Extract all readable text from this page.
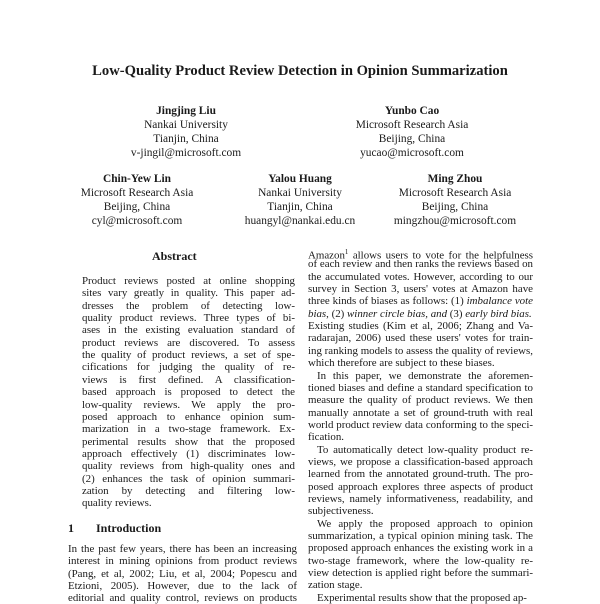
Low-Quality Product Review Detection in Opinion Summarization
Jingjing Liu
Nankai University
Tianjin, China
v-jingil@microsoft.com
Yunbo Cao
Microsoft Research Asia
Beijing, China
yucao@microsoft.com
Chin-Yew Lin
Microsoft Research Asia
Beijing, China
cyl@microsoft.com
Yalou Huang
Nankai University
Tianjin, China
huangyl@nankai.edu.cn
Ming Zhou
Microsoft Research Asia
Beijing, China
mingzhou@microsoft.com
Abstract
Product reviews posted at online shopping
sites vary greatly in quality. This paper ad-
dresses the problem of detecting low-
quality product reviews. Three types of bi-
ases in the existing evaluation standard of
product reviews are discovered. To assess
the quality of product reviews, a set of spe-
cifications for judging the quality of re-
views is first defined. A classification-
based approach is proposed to detect the
low-quality reviews. We apply the pro-
posed approach to enhance opinion sum-
marization in a two-stage framework. Ex-
perimental results show that the proposed
approach effectively (1) discriminates low-
quality reviews from high-quality ones and
(2) enhances the task of opinion summari-
zation by detecting and filtering low-
quality reviews.
1 Introduction
In the past few years, there has been an increasing
interest in mining opinions from product reviews
(Pang, et al, 2002; Liu, et al, 2004; Popescu and
Etzioni, 2005). However, due to the lack of
editorial and quality control, reviews on products
Amazon$^1$ allows users to vote for the helpfulness
of each review and then ranks the reviews based on
the accumulated votes. However, according to our
survey in Section 3, users' votes at Amazon have
three kinds of biases as follows: (1) imbalance vote
bias, (2) winner circle bias, and (3) early bird bias.
Existing studies (Kim et al, 2006; Zhang and Va-
radarajan, 2006) used these users' votes for train-
ing ranking models to assess the quality of reviews,
which therefore are subject to these biases.
In this paper, we demonstrate the aforemen-
tioned biases and define a standard specification to
measure the quality of product reviews. We then
manually annotate a set of ground-truth with real
world product review data conforming to the speci-
fication.
To automatically detect low-quality product re-
views, we propose a classification-based approach
learned from the annotated ground-truth. The pro-
posed approach explores three aspects of product
reviews, namely informativeness, readability, and
subjectiveness.
We apply the proposed approach to opinion
summarization, a typical opinion mining task. The
proposed approach enhances the existing work in a
two-stage framework, where the low-quality re-
view detection is applied right before the summari-
zation stage.
Experimental results show that the proposed ap-
